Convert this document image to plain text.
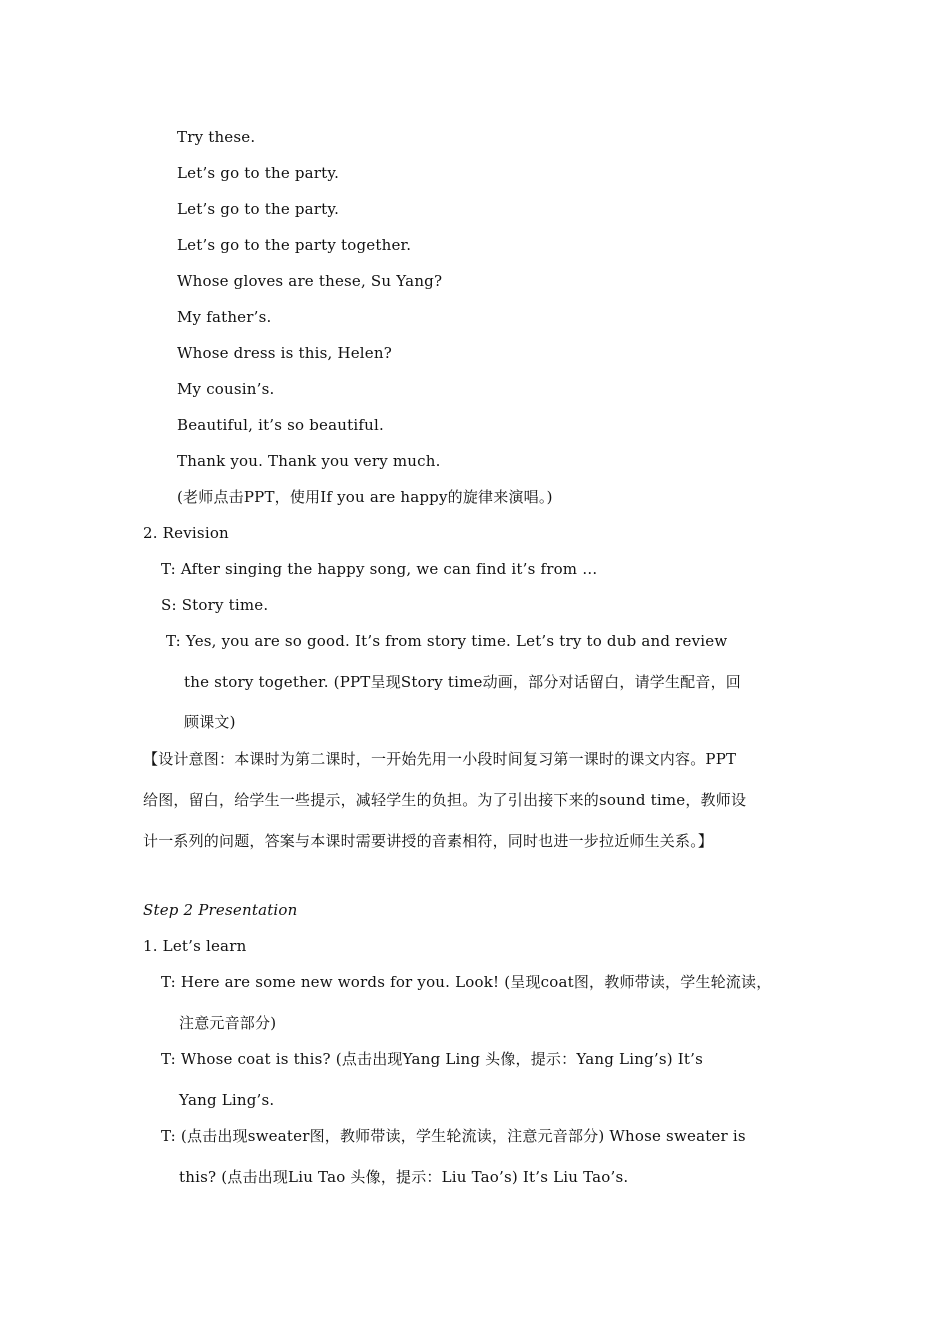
Try these.
Let’s go to the party.
Let’s go to the party.
Let’s go to the party together.
Whose gloves are these, Su Yang?
My father’s.
Whose dress is this, Helen?
My cousin’s.
Beautiful, it’s so beautiful.
Thank you. Thank you very much.
(老师点击PPT，使用If you are happy的旋律来演唱。)
2. Revision
T: After singing the happy song, we can find it’s from …
S: Story time.
T: Yes, you are so good. It’s from story time. Let’s try to dub and review
the story together. (PPT呈现Story time动画，部分对话留白，请学生配音，回
顾课文)
【设计意图：本课时为第二课时，一开始先用一小段时间复习第一课时的课文内容。PPT
给图，留白，给学生一些提示，减轻学生的负担。为了引出接下来的sound time，教师设
计一系列的问题，答案与本课时需要讲授的音素相符，同时也进一步拉近师生关系。】
Step 2 Presentation
1. Let’s learn
T: Here are some new words for you. Look! (呈现coat图，教师带读，学生轮流读，
注意元音部分)
T: Whose coat is this? (点击出现Yang Ling 头像，提示：Yang Ling’s) It’s
Yang Ling’s.
T: (点击出现sweater图，教师带读，学生轮流读，注意元音部分) Whose sweater is
this? (点击出现Liu Tao 头像，提示：Liu Tao’s) It’s Liu Tao’s.
